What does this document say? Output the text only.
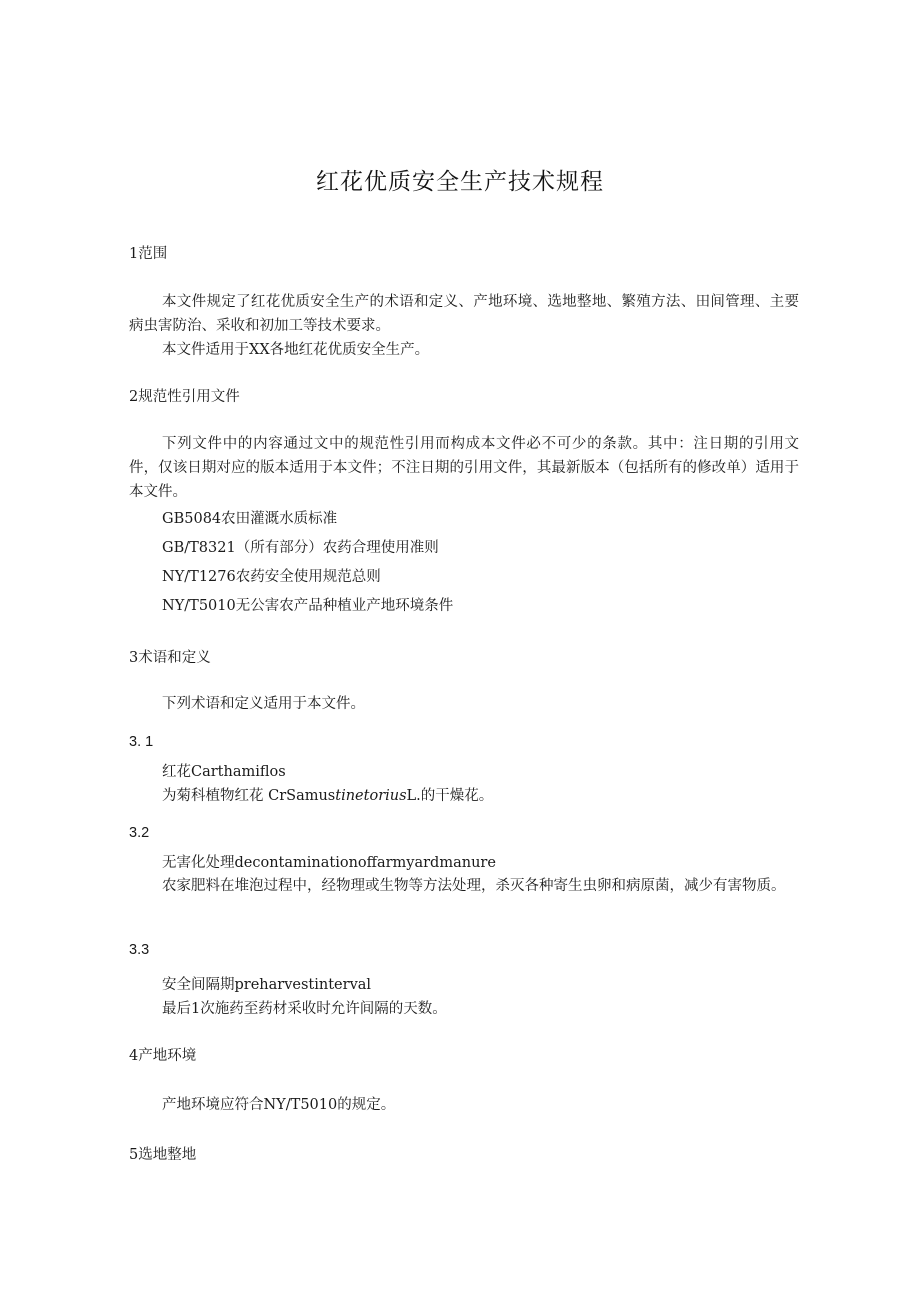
红花优质安全生产技术规程
1范围
本文件规定了红花优质安全生产的术语和定义、产地环境、选地整地、繁殖方法、田间管理、主要病虫害防治、采收和初加工等技术要求。
本文件适用于XX各地红花优质安全生产。
2规范性引用文件
下列文件中的内容通过文中的规范性引用而构成本文件必不可少的条款。其中：注日期的引用文件，仅该日期对应的版本适用于本文件；不注日期的引用文件，其最新版本（包括所有的修改单）适用于本文件。
GB5084农田灌溉水质标准
GB/T8321（所有部分）农药合理使用准则
NY/T1276农药安全使用规范总则
NY/T5010无公害农产品种植业产地环境条件
3术语和定义
下列术语和定义适用于本文件。
3. 1
红花Carthamiflos
为菊科植物红花 CrSamustinetoriusL.的干燥花。
3.2
无害化处理decontaminationoffarmyardmanure
农家肥料在堆泡过程中，经物理或生物等方法处理，杀灭各种寄生虫卵和病原菌，减少有害物质。
3.3
安全间隔期preharvestinterval
最后1次施药至药材采收时允许间隔的天数。
4产地环境
产地环境应符合NY/T5010的规定。
5选地整地
